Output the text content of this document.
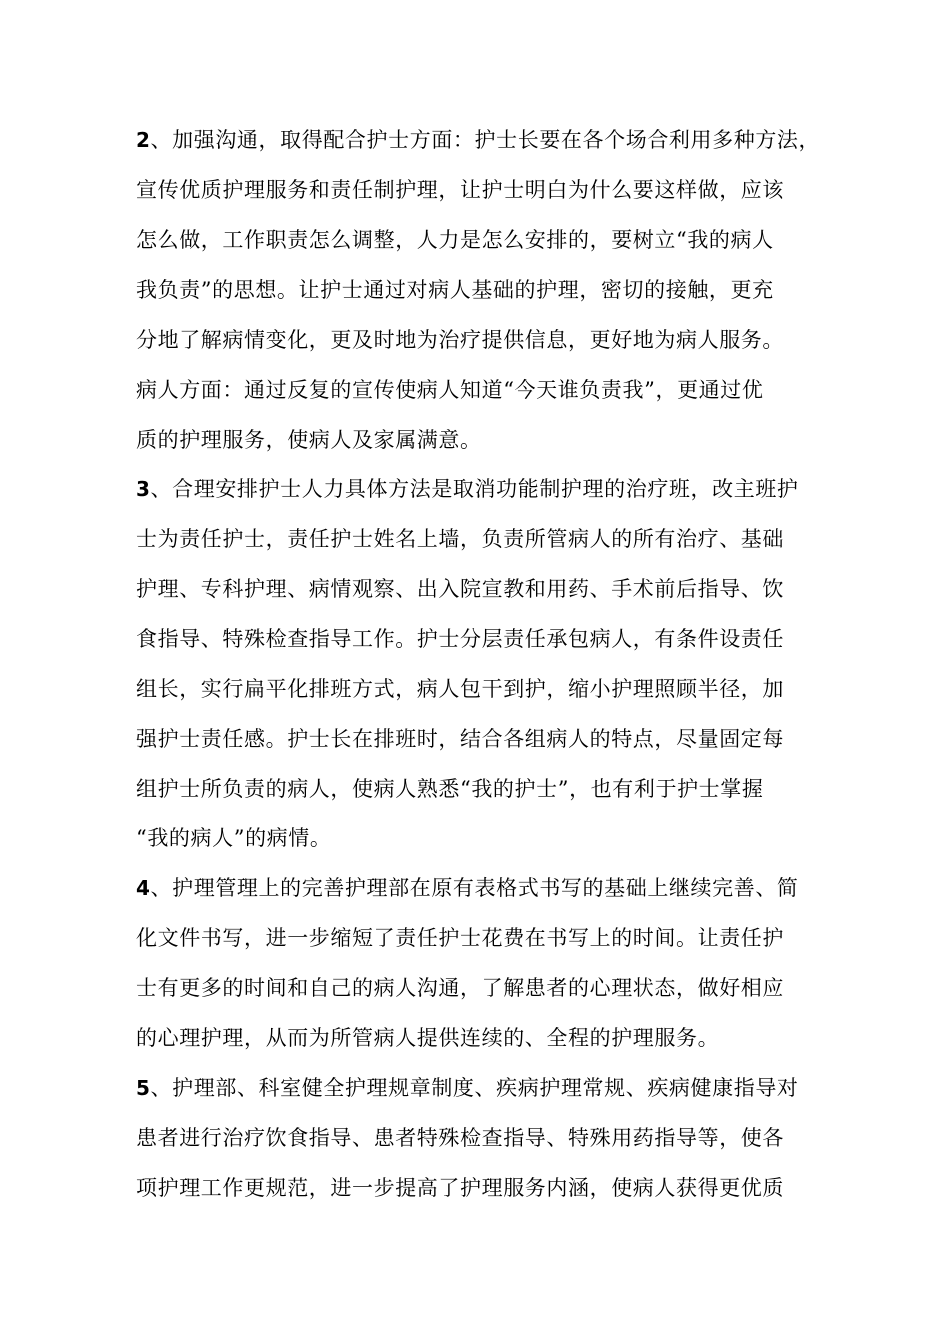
2、加强沟通，取得配合护士方面：护士长要在各个场合利用多种方法，
宣传优质护理服务和责任制护理，让护士明白为什么要这样做，应该
怎么做，工作职责怎么调整，人力是怎么安排的，要树立“我的病人
我负责”的思想。让护士通过对病人基础的护理，密切的接触，更充
分地了解病情变化，更及时地为治疗提供信息，更好地为病人服务。
病人方面：通过反复的宣传使病人知道“今天谁负责我”，更通过优
质的护理服务，使病人及家属满意。
3、合理安排护士人力具体方法是取消功能制护理的治疗班，改主班护
士为责任护士，责任护士姓名上墙，负责所管病人的所有治疗、基础
护理、专科护理、病情观察、出入院宣教和用药、手术前后指导、饮
食指导、特殊检查指导工作。护士分层责任承包病人，有条件设责任
组长，实行扁平化排班方式，病人包干到护，缩小护理照顾半径，加
强护士责任感。护士长在排班时，结合各组病人的特点，尽量固定每
组护士所负责的病人，使病人熟悉“我的护士”，也有利于护士掌握
“我的病人”的病情。
4、护理管理上的完善护理部在原有表格式书写的基础上继续完善、简
化文件书写，进一步缩短了责任护士花费在书写上的时间。让责任护
士有更多的时间和自己的病人沟通，了解患者的心理状态，做好相应
的心理护理，从而为所管病人提供连续的、全程的护理服务。
5、护理部、科室健全护理规章制度、疾病护理常规、疾病健康指导对
患者进行治疗饮食指导、患者特殊检查指导、特殊用药指导等，使各
项护理工作更规范，进一步提高了护理服务内涵，使病人获得更优质
